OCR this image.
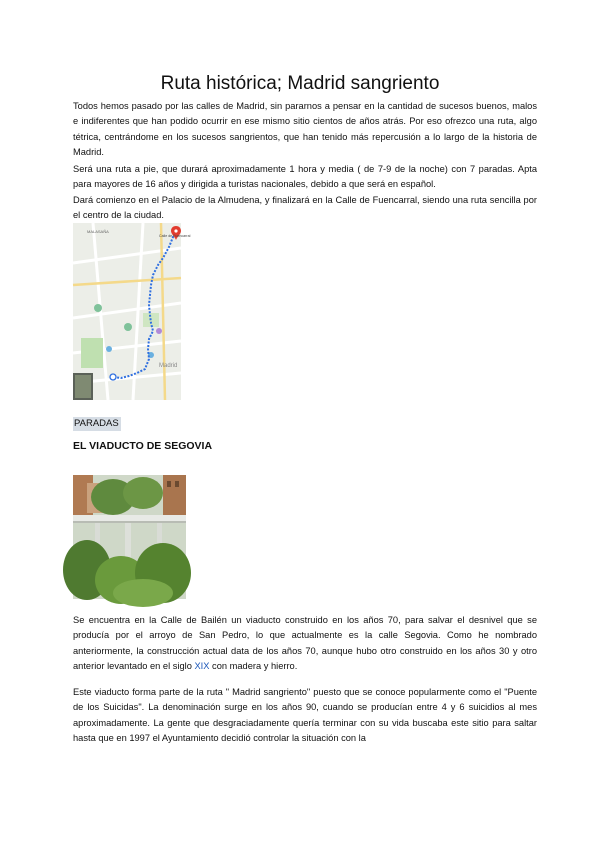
Ruta histórica; Madrid sangriento

Todos hemos pasado por las calles de Madrid, sin pararnos a pensar en la cantidad de sucesos buenos, malos e indiferentes que han podido ocurrir en ese mismo sitio cientos de años atrás. Por eso ofrezco una ruta, algo tétrica, centrándome en los sucesos sangrientos, que han tenido más repercusión a lo largo de la historia de Madrid.

Será una ruta a pie, que durará aproximadamente 1 hora y media ( de 7-9 de la noche) con 7 paradas. Apta para mayores de 16 años y dirigida a turistas nacionales, debido a que será en español.

Dará comienzo en el Palacio de la Almudena, y finalizará en la Calle de Fuencarral, siendo una ruta sencilla por el centro de la ciudad.

MALASAÑA
Calle de Fuencarral
Madrid
PARADAS
EL VIADUCTO DE SEGOVIA

Se encuentra en la Calle de Bailén un viaducto construido en los años 70, para salvar el desnivel que se producía por el arroyo de San Pedro, lo que actualmente es la calle Segovia. Como he nombrado anteriormente, la construcción actual data de los años 70, aunque hubo otro construido en los años 30 y otro anterior levantado en el siglo XIX con madera y hierro.

Este viaducto forma parte de la ruta " Madrid sangriento" puesto que se conoce popularmente como el "Puente de los Suicidas". La denominación surge en los años 90, cuando se producían entre 4 y 6 suicidios al mes aproximadamente. La gente que desgraciadamente quería terminar con su vida buscaba este sitio para saltar hasta que en 1997 el Ayuntamiento decidió controlar la situación con la
